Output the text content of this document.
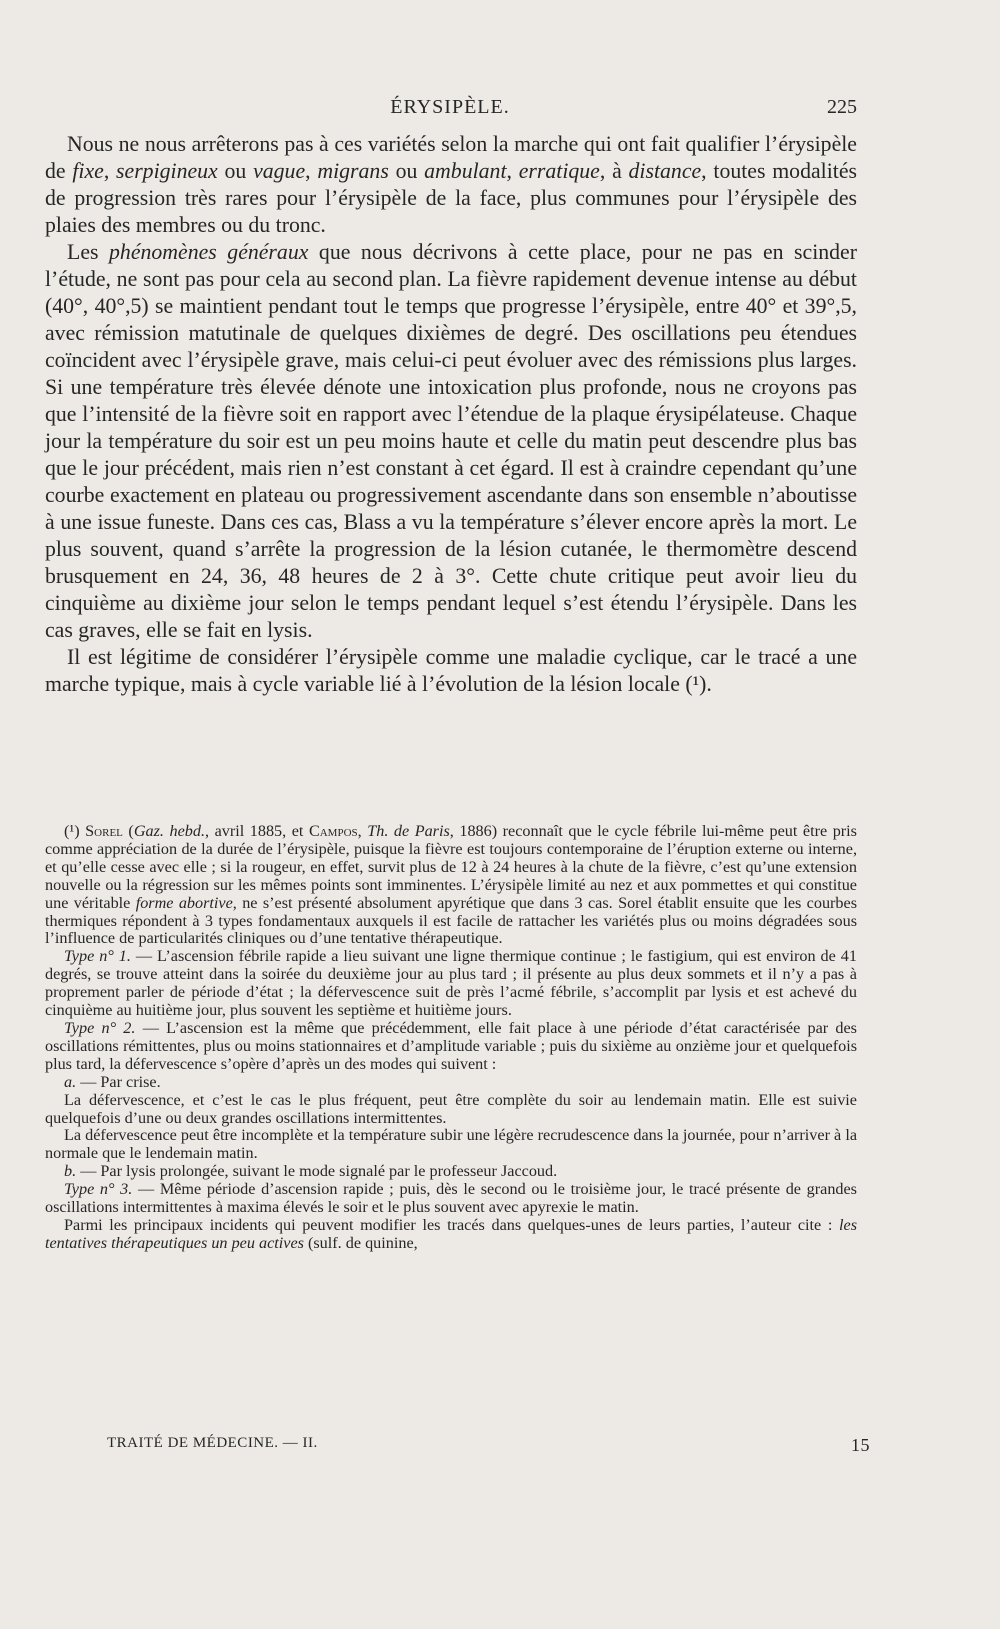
ÉRYSIPÈLE.	225

Nous ne nous arrêterons pas à ces variétés selon la marche qui ont fait qualifier l’érysipèle de fixe, serpigineux ou vague, migrans ou ambulant, erratique, à distance, toutes modalités de progression très rares pour l’érysipèle de la face, plus communes pour l’érysipèle des plaies des membres ou du tronc.

Les phénomènes généraux que nous décrivons à cette place, pour ne pas en scinder l’étude, ne sont pas pour cela au second plan. La fièvre rapidement devenue intense au début (40°, 40°,5) se maintient pendant tout le temps que progresse l’érysipèle, entre 40° et 39°,5, avec rémission matutinale de quelques dixièmes de degré. Des oscillations peu étendues coïncident avec l’érysipèle grave, mais celui-ci peut évoluer avec des rémissions plus larges. Si une température très élevée dénote une intoxication plus profonde, nous ne croyons pas que l’intensité de la fièvre soit en rapport avec l’étendue de la plaque érysipélateuse. Chaque jour la température du soir est un peu moins haute et celle du matin peut descendre plus bas que le jour précédent, mais rien n’est constant à cet égard. Il est à craindre cependant qu’une courbe exactement en plateau ou progressivement ascendante dans son ensemble n’aboutisse à une issue funeste. Dans ces cas, Blass a vu la température s’élever encore après la mort. Le plus souvent, quand s’arrête la progression de la lésion cutanée, le thermomètre descend brusquement en 24, 36, 48 heures de 2 à 3°. Cette chute critique peut avoir lieu du cinquième au dixième jour selon le temps pendant lequel s’est étendu l’érysipèle. Dans les cas graves, elle se fait en lysis.

Il est légitime de considérer l’érysipèle comme une maladie cyclique, car le tracé a une marche typique, mais à cycle variable lié à l’évolution de la lésion locale (¹).

(¹) Sorel (Gaz. hebd., avril 1885, et Campos, Th. de Paris, 1886) reconnaît que le cycle fébrile lui-même peut être pris comme appréciation de la durée de l’érysipèle, puisque la fièvre est toujours contemporaine de l’éruption externe ou interne, et qu’elle cesse avec elle ; si la rougeur, en effet, survit plus de 12 à 24 heures à la chute de la fièvre, c’est qu’une extension nouvelle ou la régression sur les mêmes points sont imminentes. L’érysipèle limité au nez et aux pommettes et qui constitue une véritable forme abortive, ne s’est présenté absolument apyrétique que dans 3 cas. Sorel établit ensuite que les courbes thermiques répondent à 3 types fondamentaux auxquels il est facile de rattacher les variétés plus ou moins dégradées sous l’influence de particularités cliniques ou d’une tentative thérapeutique.

Type n° 1. — L’ascension fébrile rapide a lieu suivant une ligne thermique continue ; le fastigium, qui est environ de 41 degrés, se trouve atteint dans la soirée du deuxième jour au plus tard ; il présente au plus deux sommets et il n’y a pas à proprement parler de période d’état ; la défervescence suit de près l’acmé fébrile, s’accomplit par lysis et est achevé du cinquième au huitième jour, plus souvent les septième et huitième jours.

Type n° 2. — L’ascension est la même que précédemment, elle fait place à une période d’état caractérisée par des oscillations rémittentes, plus ou moins stationnaires et d’amplitude variable ; puis du sixième au onzième jour et quelquefois plus tard, la défervescence s’opère d’après un des modes qui suivent :

a. — Par crise.

La défervescence, et c’est le cas le plus fréquent, peut être complète du soir au lendemain matin. Elle est suivie quelquefois d’une ou deux grandes oscillations intermittentes.

La défervescence peut être incomplète et la température subir une légère recrudescence dans la journée, pour n’arriver à la normale que le lendemain matin.

b. — Par lysis prolongée, suivant le mode signalé par le professeur Jaccoud.

Type n° 3. — Même période d’ascension rapide ; puis, dès le second ou le troisième jour, le tracé présente de grandes oscillations intermittentes à maxima élevés le soir et le plus souvent avec apyrexie le matin.

Parmi les principaux incidents qui peuvent modifier les tracés dans quelques-unes de leurs parties, l’auteur cite : les tentatives thérapeutiques un peu actives (sulf. de quinine,

TRAITÉ DE MÉDECINE. — II.	15
